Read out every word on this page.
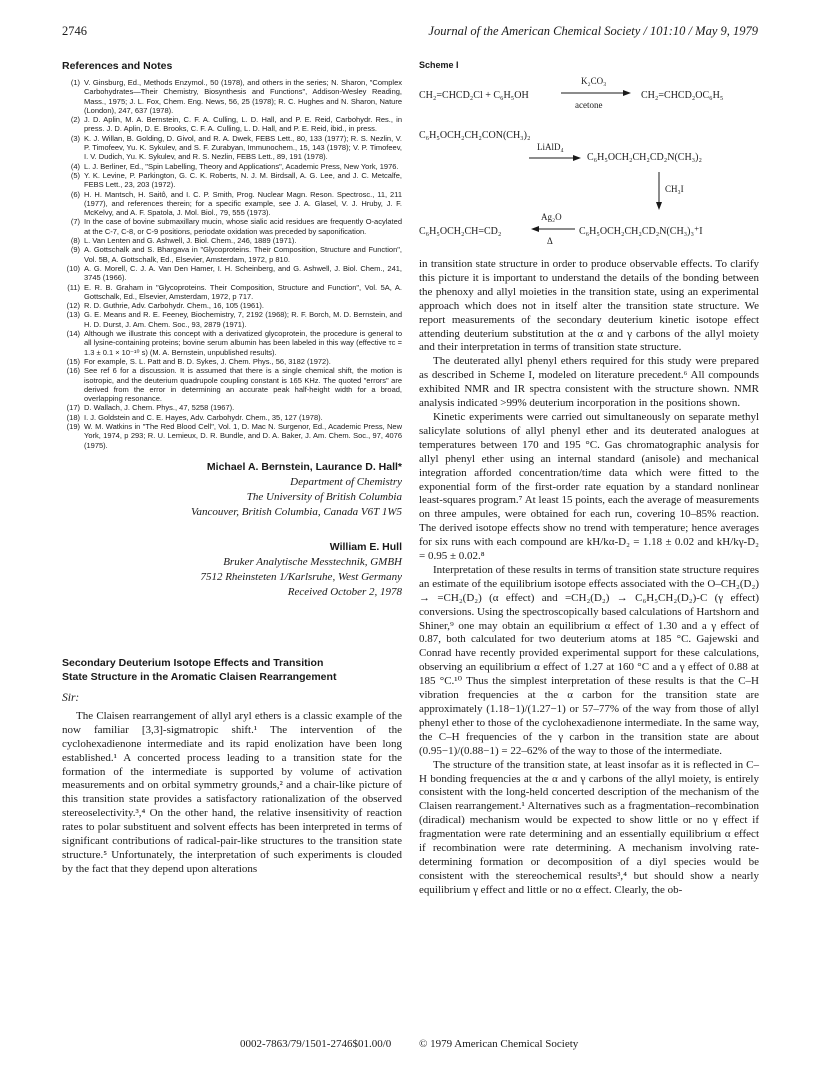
2746	Journal of the American Chemical Society / 101:10 / May 9, 1979
References and Notes
(1) V. Ginsburg, Ed., Methods Enzymol., 50 (1978), and others in the series; N. Sharon, "Complex Carbohydrates—Their Chemistry, Biosynthesis and Functions", Addison-Wesley Reading, Mass., 1975; J. L. Fox, Chem. Eng. News, 56, 25 (1978); R. C. Hughes and N. Sharon, Nature (London), 247, 637 (1978).
(2) J. D. Aplin, M. A. Bernstein, C. F. A. Culling, L. D. Hall, and P. E. Reid, Carbohydr. Res., in press. J. D. Aplin, D. E. Brooks, C. F. A. Culling, L. D. Hall, and P. E. Reid, ibid., in press.
(3) K. J. Willan, B. Golding, D. Givol, and R. A. Dwek, FEBS Lett., 80, 133 (1977); R. S. Nezlin, V. P. Timofeev, Yu. K. Sykulev, and S. F. Zurabyan, Immunochem., 15, 143 (1978); V. P. Timofeev, I. V. Dudich, Yu. K. Sykulev, and R. S. Nezlin, FEBS Lett., 89, 191 (1978).
(4) L. J. Berliner, Ed., "Spin Labelling, Theory and Applications", Academic Press, New York, 1976.
(5) Y. K. Levine, P. Parkington, G. C. K. Roberts, N. J. M. Birdsall, A. G. Lee, and J. C. Metcalfe, FEBS Lett., 23, 203 (1972).
(6) H. H. Mantsch, H. Saitô, and I. C. P. Smith, Prog. Nuclear Magn. Reson. Spectrosc., 11, 211 (1977), and references therein; for a specific example, see J. A. Glasel, V. J. Hruby, J. F. McKelvy, and A. F. Spatola, J. Mol. Biol., 79, 555 (1973).
(7) In the case of bovine submaxillary mucin, whose sialic acid residues are frequently O-acylated at the C-7, C-8, or C-9 positions, periodate oxidation was preceded by saponification.
(8) L. Van Lenten and G. Ashwell, J. Biol. Chem., 246, 1889 (1971).
(9) A. Gottschalk and S. Bhargava in "Glycoproteins. Their Composition, Structure and Function", Vol. 5B, A. Gottschalk, Ed., Elsevier, Amsterdam, 1972, p 810.
(10) A. G. Morell, C. J. A. Van Den Hamer, I. H. Scheinberg, and G. Ashwell, J. Biol. Chem., 241, 3745 (1966).
(11) E. R. B. Graham in "Glycoproteins. Their Composition, Structure and Function", Vol. 5A, A. Gottschalk, Ed., Elsevier, Amsterdam, 1972, p 717.
(12) R. D. Guthrie, Adv. Carbohydr. Chem., 16, 105 (1961).
(13) G. E. Means and R. E. Feeney, Biochemistry, 7, 2192 (1968); R. F. Borch, M. D. Bernstein, and H. D. Durst, J. Am. Chem. Soc., 93, 2879 (1971).
(14) Although we illustrate this concept with a derivatized glycoprotein, the procedure is general to all lysine-containing proteins; bovine serum albumin has been labeled in this way (effective τc = 1.3 ± 0.1 × 10⁻¹⁰ s) (M. A. Bernstein, unpublished results).
(15) For example, S. L. Patt and B. D. Sykes, J. Chem. Phys., 56, 3182 (1972).
(16) See ref 6 for a discussion. It is assumed that there is a single chemical shift, the motion is isotropic, and the deuterium quadrupole coupling constant is 165 KHz. The quoted "errors" are derived from the error in determining an accurate peak half-height width for a broad, overlapping resonance.
(17) D. Wallach, J. Chem. Phys., 47, 5258 (1967).
(18) I. J. Goldstein and C. E. Hayes, Adv. Carbohydr. Chem., 35, 127 (1978).
(19) W. M. Watkins in "The Red Blood Cell", Vol. 1, D. Mac N. Surgenor, Ed., Academic Press, New York, 1974, p 293; R. U. Lemieux, D. R. Bundle, and D. A. Baker, J. Am. Chem. Soc., 97, 4076 (1975).
Michael A. Bernstein, Laurance D. Hall*
Department of Chemistry
The University of British Columbia
Vancouver, British Columbia, Canada V6T 1W5
William E. Hull
Bruker Analytische Messtechnik, GMBH
7512 Rheinsteten 1/Karlsruhe, West Germany
Received October 2, 1978
Secondary Deuterium Isotope Effects and Transition
State Structure in the Aromatic Claisen Rearrangement
Sir:

The Claisen rearrangement of allyl aryl ethers is a classic example of the now familiar [3,3]-sigmatropic shift.¹ The intervention of the cyclohexadienone intermediate and its rapid enolization have been long established.¹ A concerted process leading to a transition state for the formation of the intermediate is supported by volume of activation measurements and on orbital symmetry grounds,² and a chair-like picture of this transition state provides a satisfactory rationalization of the observed stereoselectivity.³,⁴ On the other hand, the relative insensitivity of reaction rates to polar substituent and solvent effects has been interpreted in terms of significant contributions of radical-pair-like structures to the transition state structure.⁵ Unfortunately, the interpretation of such experiments is clouded by the fact that they depend upon alterations

Scheme I
CH₂=CHCD₂Cl + C₆H₅OH
K₂CO₃
acetone
CH₂=CHCD₂OC₆H₅
C₆H₅OCH₂CH₂CON(CH₃)₂
LiAlD₄
C₆H₅OCH₂CH₂CD₂N(CH₃)₂
CH₃I
C₆H₅OCH₂CH=CD₂
Ag₂O
Δ
C₆H₅OCH₂CH₂CD₂N(CH₃)₃⁺I

in transition state structure in order to produce observable effects. To clarify this picture it is important to understand the details of the bonding between the phenoxy and allyl moieties in the transition state, using an experimental approach which does not in itself alter the transition state structure. We report measurements of the secondary deuterium kinetic isotope effect attending deuterium substitution at the α and γ carbons of the allyl moiety and their interpretation in terms of transition state structure.

The deuterated allyl phenyl ethers required for this study were prepared as described in Scheme I, modeled on literature precedent.⁶ All compounds exhibited NMR and IR spectra consistent with the structure shown. NMR analysis indicated >99% deuterium incorporation in the positions shown.

Kinetic experiments were carried out simultaneously on separate methyl salicylate solutions of allyl phenyl ether and its deuterated analogues at temperatures between 170 and 195 °C. Gas chromatographic analysis for allyl phenyl ether using an internal standard (anisole) and mechanical integration afforded concentration/time data which were fitted to the exponential form of the first-order rate equation by a standard nonlinear least-squares program.⁷ At least 15 points, each the average of measurements on three ampules, were obtained for each run, covering 10–85% reaction. The derived isotope effects show no trend with temperature; hence averages for six runs with each compound are kH/kα-D₂ = 1.18 ± 0.02 and kH/kγ-D₂ = 0.95 ± 0.02.⁸

Interpretation of these results in terms of transition state structure requires an estimate of the equilibrium isotope effects associated with the O–CH₂(D₂) → =CH₂(D₂) (α effect) and =CH₂(D₂) → C₆H₅CH₂(D₂)-C (γ effect) conversions. Using the spectroscopically based calculations of Hartshorn and Shiner,⁹ one may obtain an equilibrium α effect of 1.30 and a γ effect of 0.87, both calculated for two deuterium atoms at 185 °C. Gajewski and Conrad have recently provided experimental support for these calculations, observing an equilibrium α effect of 1.27 at 160 °C and a γ effect of 0.88 at 185 °C.¹⁰ Thus the simplest interpretation of these results is that the C–H vibration frequencies at the α carbon for the transition state are approximately (1.18−1)/(1.27−1) or 57–77% of the way from those of allyl phenyl ether to those of the cyclohexadienone intermediate. In the same way, the C–H frequencies of the γ carbon in the transition state are about (0.95−1)/(0.88−1) = 22–62% of the way to those of the intermediate.

The structure of the transition state, at least insofar as it is reflected in C–H bonding frequencies at the α and γ carbons of the allyl moiety, is entirely consistent with the long-held concerted description of the mechanism of the Claisen rearrangement.¹ Alternatives such as a fragmentation–recombination (diradical) mechanism would be expected to show little or no γ effect if fragmentation were rate determining and an essentially equilibrium α effect if recombination were rate determining. A mechanism involving rate-determining formation or decomposition of a diyl species would be consistent with the stereochemical results³,⁴ but should show a nearly equilibrium γ effect and little or no α effect. Clearly, the ob-

0002-7863/79/1501-2746$01.00/0	© 1979 American Chemical Society
